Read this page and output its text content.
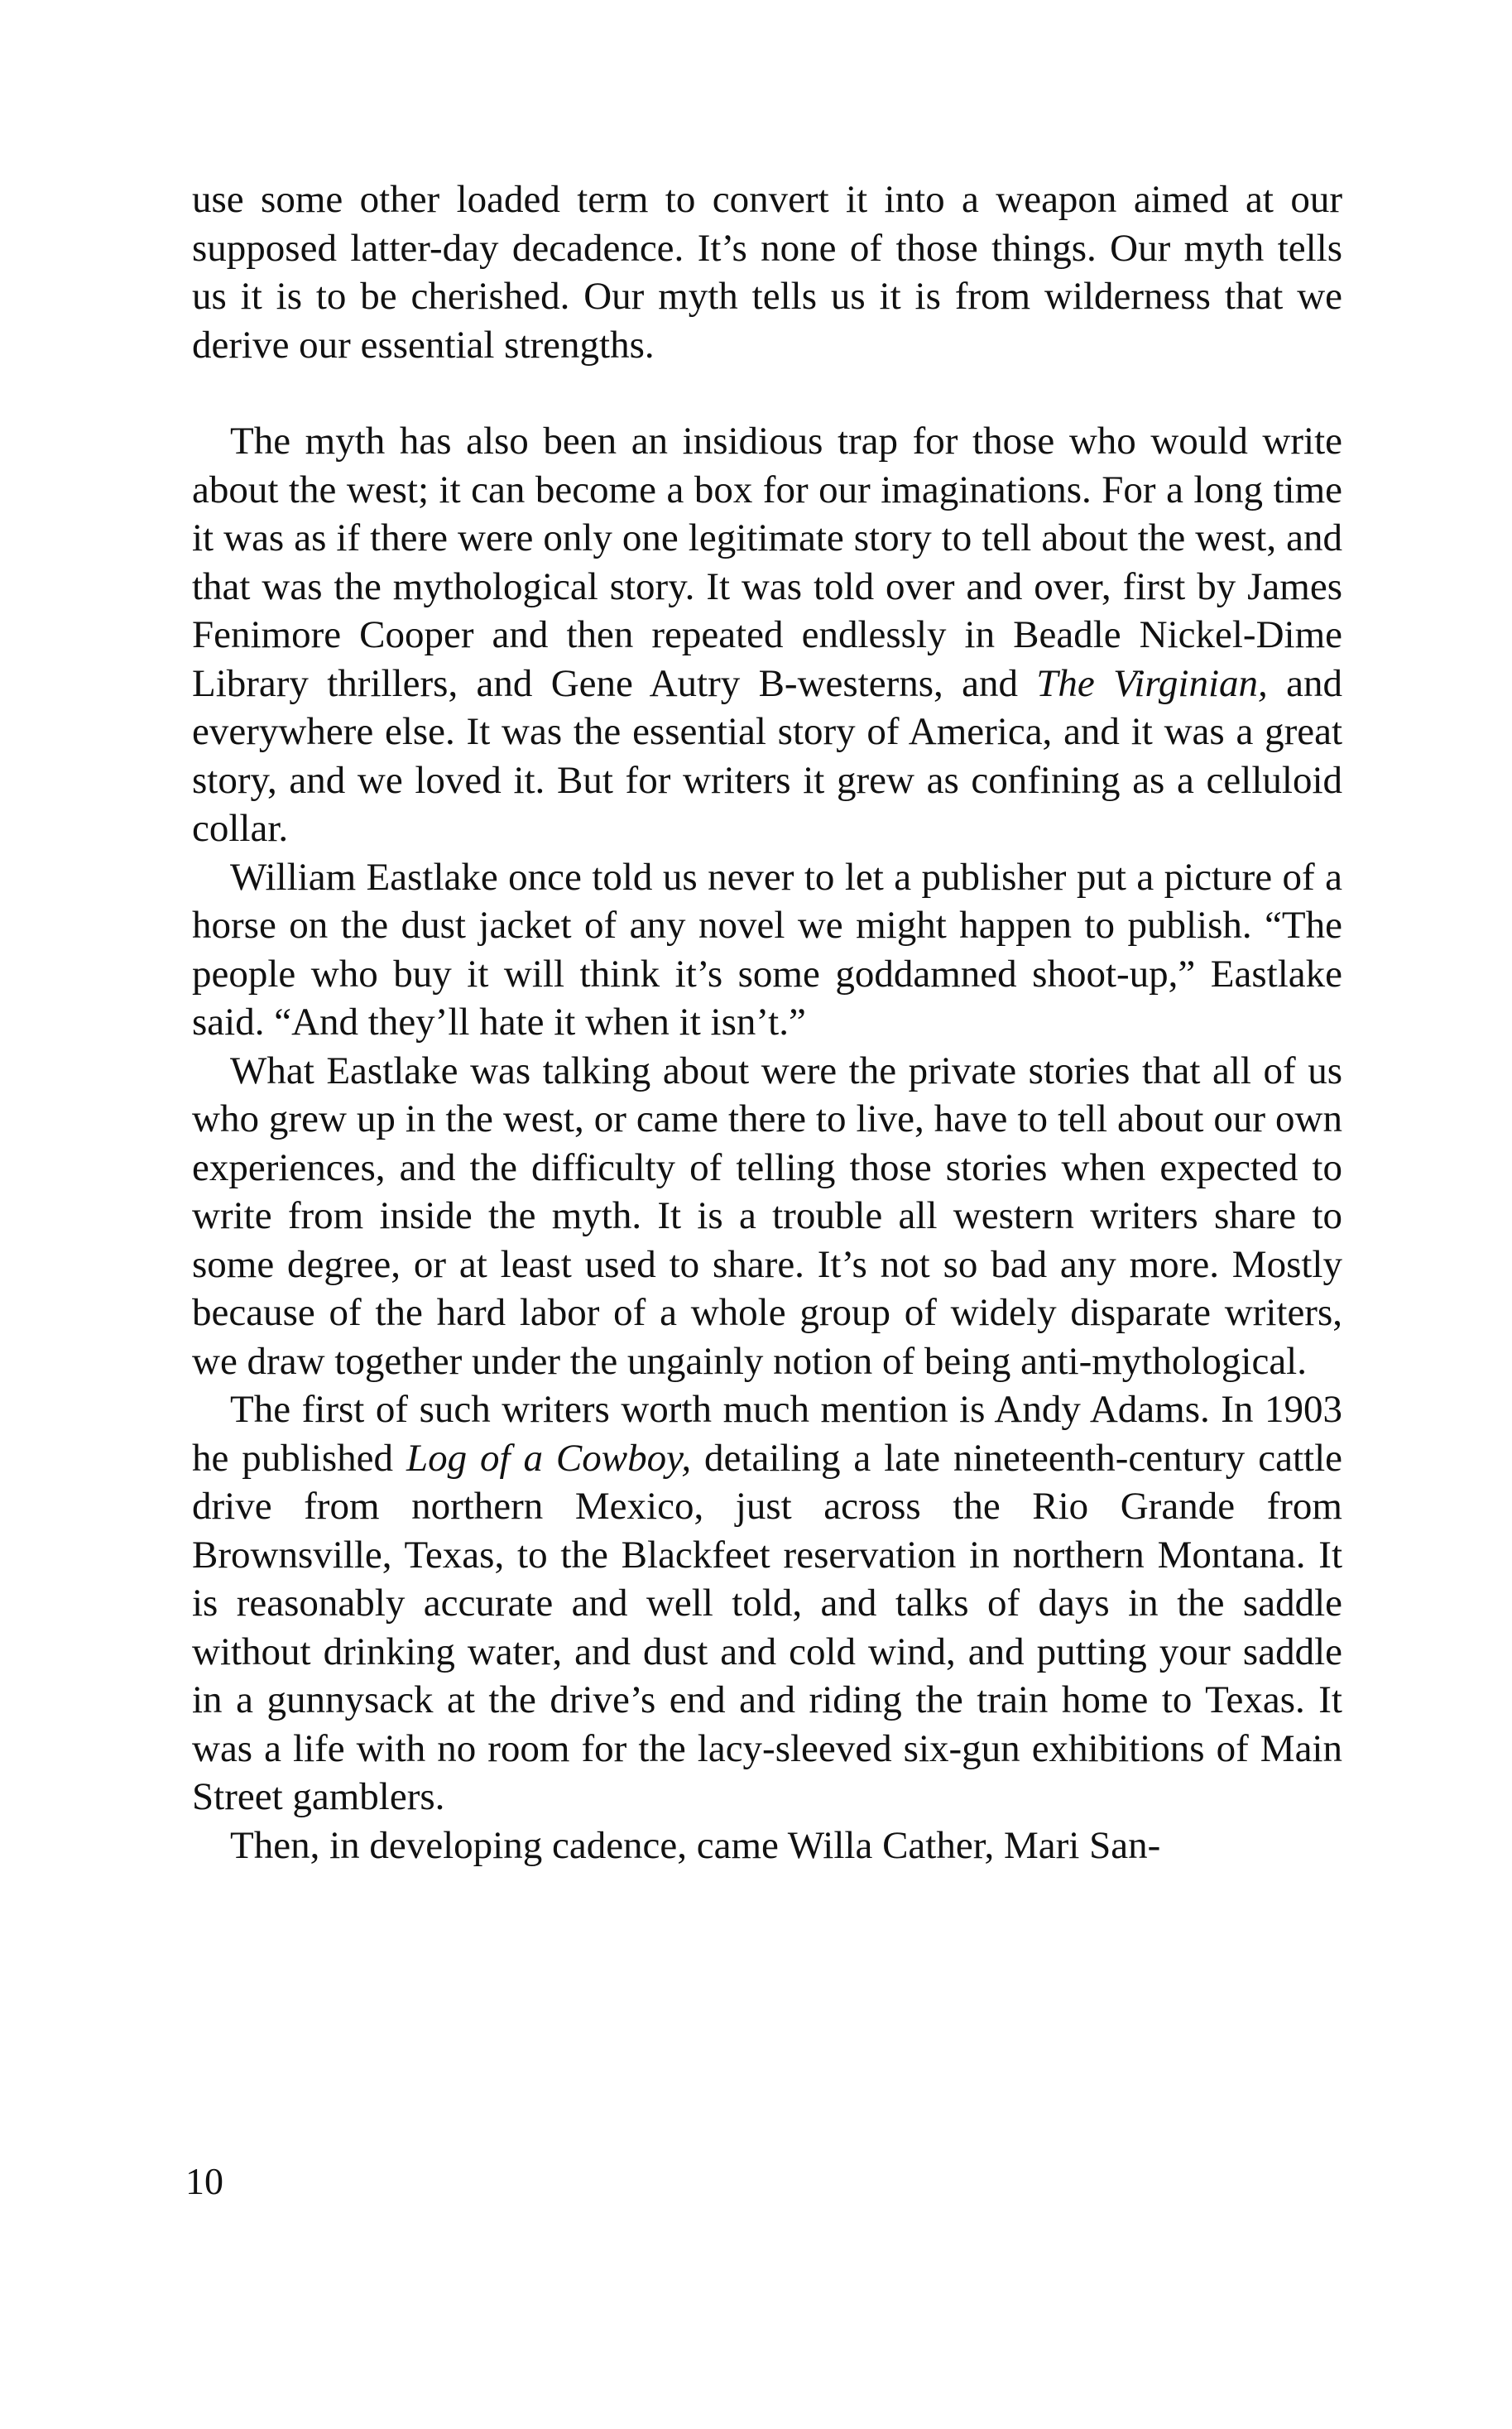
use some other loaded term to convert it into a weapon aimed at our supposed latter-day decadence. It’s none of those things. Our myth tells us it is to be cherished. Our myth tells us it is from wilderness that we derive our essential strengths.

The myth has also been an insidious trap for those who would write about the west; it can become a box for our imaginations. For a long time it was as if there were only one legitimate story to tell about the west, and that was the mythological story. It was told over and over, first by James Fenimore Cooper and then repeated endlessly in Beadle Nickel-Dime Library thrillers, and Gene Autry B-westerns, and The Virginian, and everywhere else. It was the essential story of America, and it was a great story, and we loved it. But for writers it grew as confining as a celluloid collar.

William Eastlake once told us never to let a publisher put a picture of a horse on the dust jacket of any novel we might happen to publish. “The people who buy it will think it’s some goddamned shoot-up,” Eastlake said. “And they’ll hate it when it isn’t.”

What Eastlake was talking about were the private stories that all of us who grew up in the west, or came there to live, have to tell about our own experiences, and the difficulty of telling those stories when expected to write from inside the myth. It is a trouble all western writers share to some degree, or at least used to share. It’s not so bad any more. Mostly because of the hard labor of a whole group of widely disparate writers, we draw together under the ungainly notion of being anti-mythological.

The first of such writers worth much mention is Andy Adams. In 1903 he published Log of a Cowboy, detailing a late nineteenth-century cattle drive from northern Mexico, just across the Rio Grande from Brownsville, Texas, to the Blackfeet reservation in northern Montana. It is reasonably accurate and well told, and talks of days in the saddle without drinking water, and dust and cold wind, and putting your saddle in a gunnysack at the drive’s end and riding the train home to Texas. It was a life with no room for the lacy-sleeved six-gun exhibitions of Main Street gamblers.

Then, in developing cadence, came Willa Cather, Mari San-

10
